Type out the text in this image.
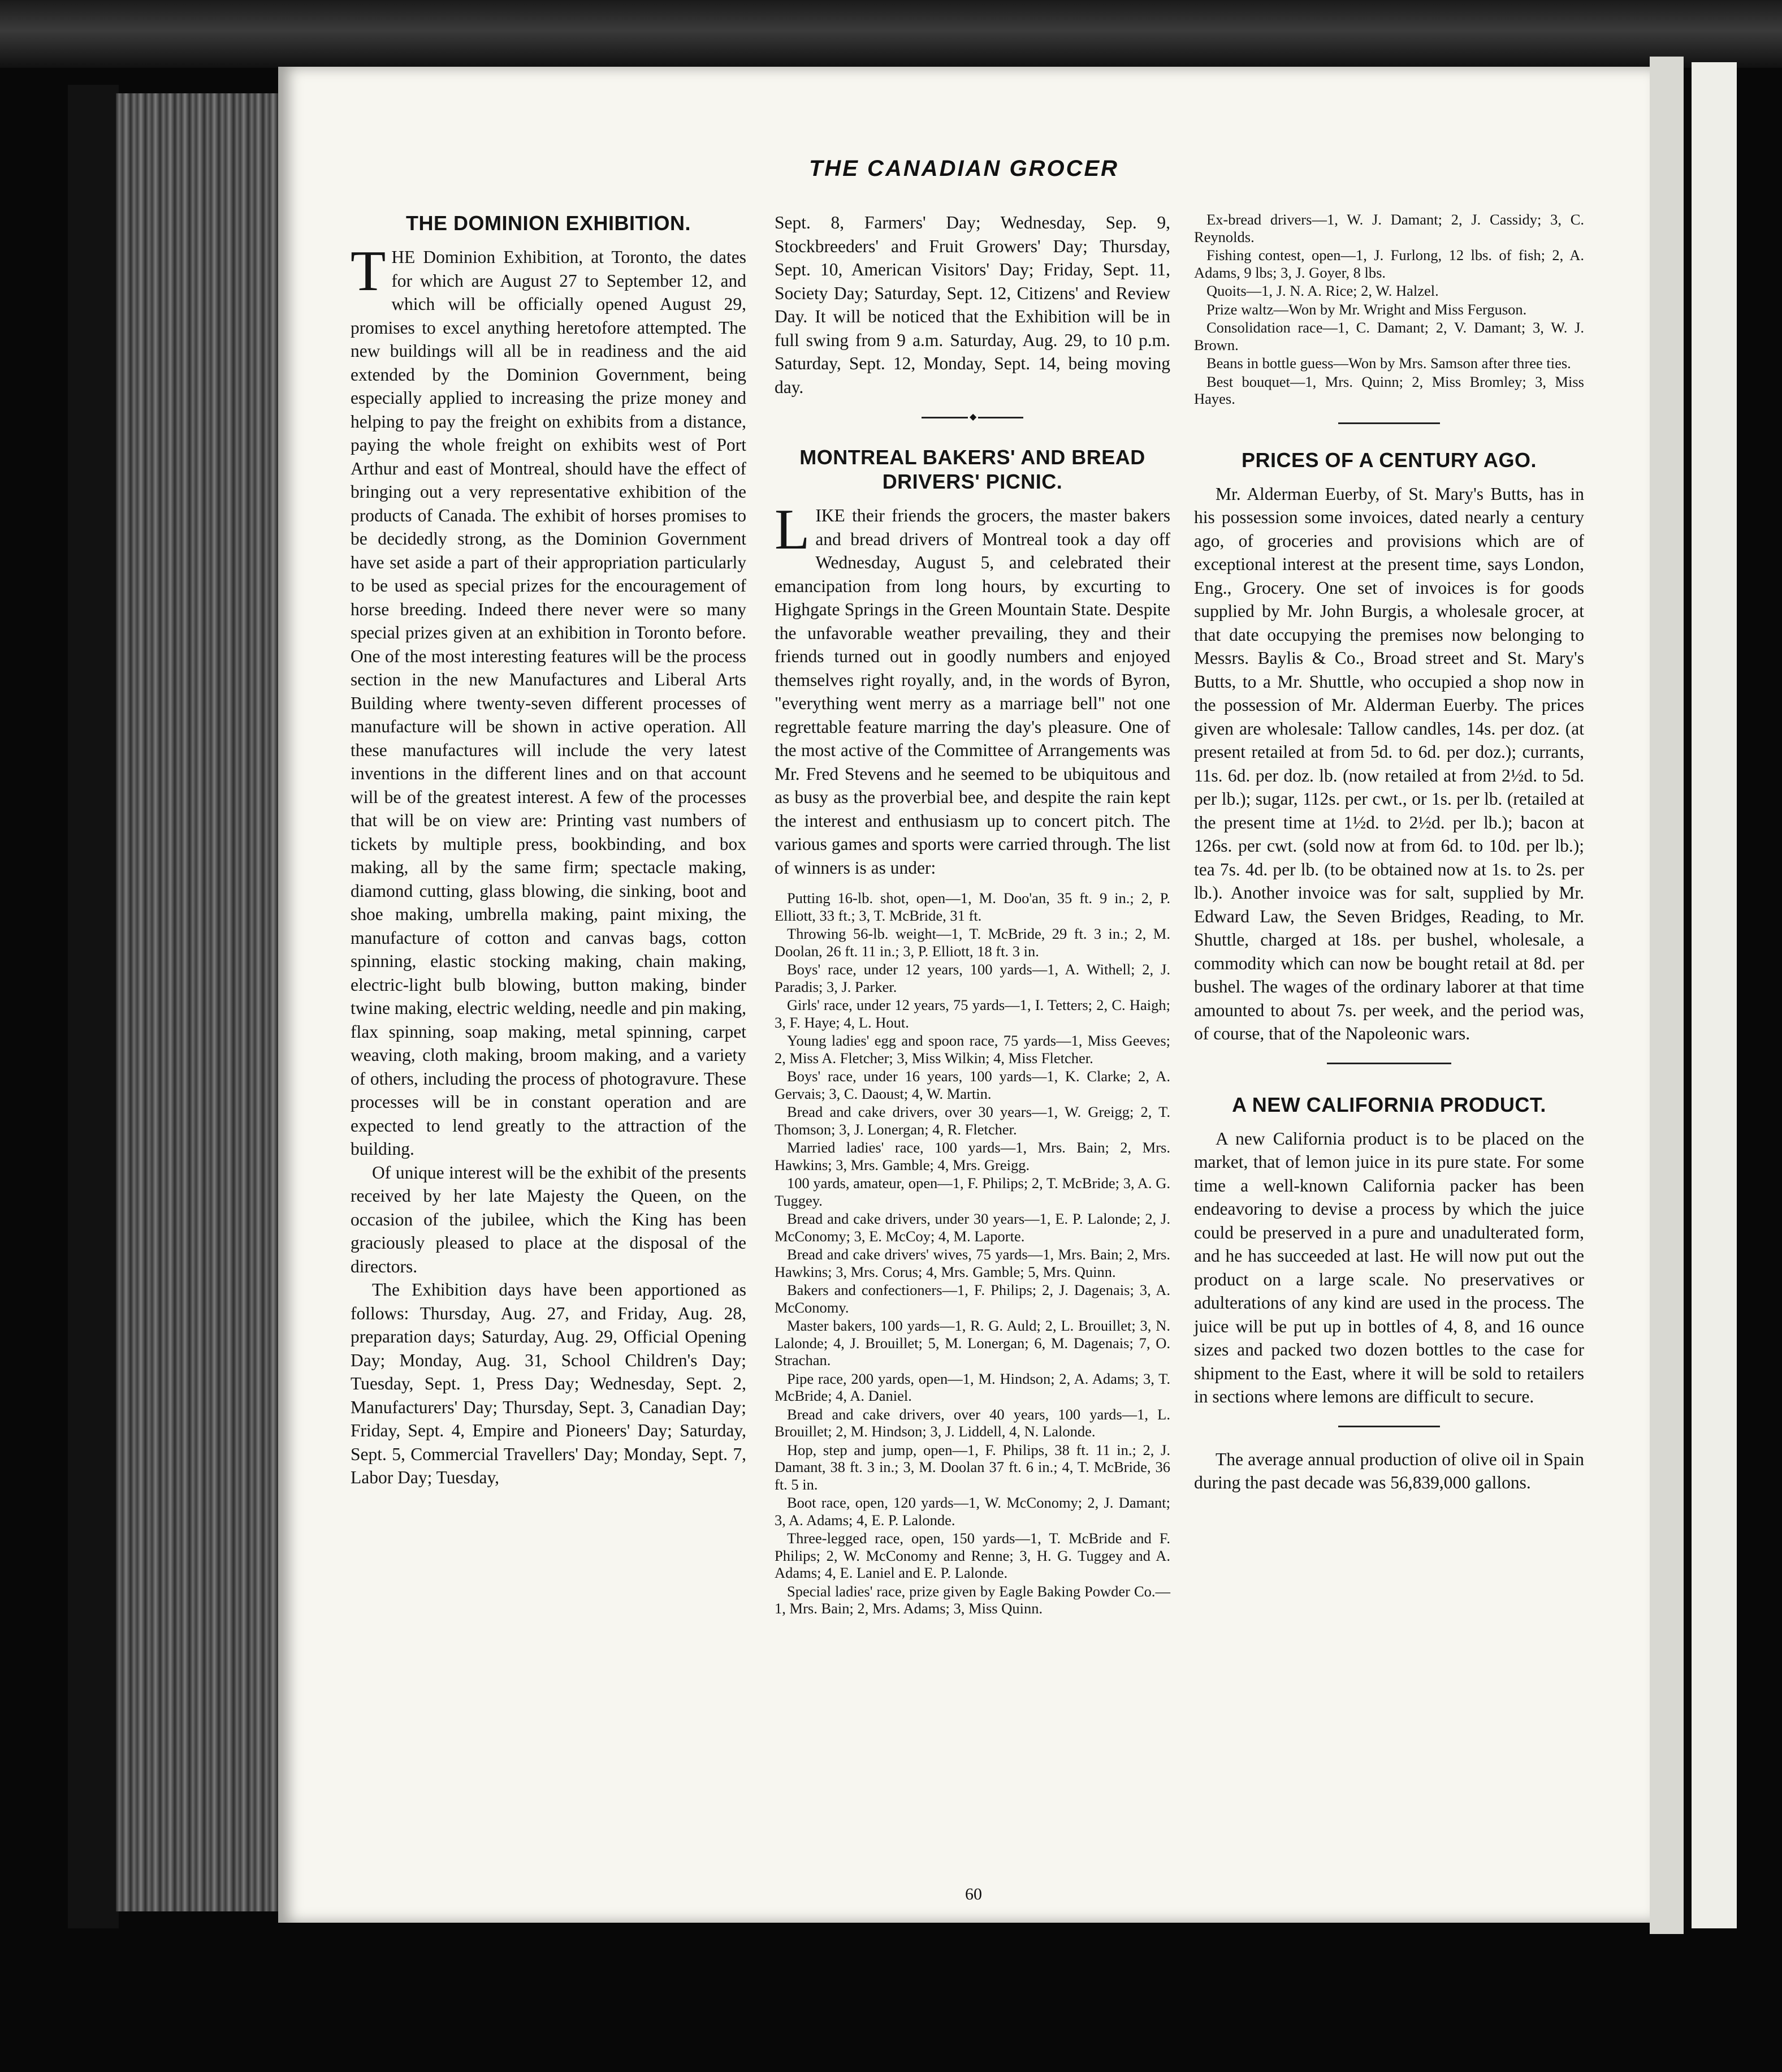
THE CANADIAN GROCER
THE DOMINION EXHIBITION.

THE Dominion Exhibition, at Toronto, the dates for which are August 27 to September 12, and which will be officially opened August 29, promises to excel anything heretofore attempted. The new buildings will all be in readiness and the aid extended by the Dominion Government, being especially applied to increasing the prize money and helping to pay the freight on exhibits from a distance, paying the whole freight on exhibits west of Port Arthur and east of Montreal, should have the effect of bringing out a very representative exhibition of the products of Canada. The exhibit of horses promises to be decidedly strong, as the Dominion Government have set aside a part of their appropriation particularly to be used as special prizes for the encouragement of horse breeding. Indeed there never were so many special prizes given at an exhibition in Toronto before. One of the most interesting features will be the process section in the new Manufactures and Liberal Arts Building where twenty-seven different processes of manufacture will be shown in active operation. All these manufactures will include the very latest inventions in the different lines and on that account will be of the greatest interest. A few of the processes that will be on view are: Printing vast numbers of tickets by multiple press, bookbinding, and box making, all by the same firm; spectacle making, diamond cutting, glass blowing, die sinking, boot and shoe making, umbrella making, paint mixing, the manufacture of cotton and canvas bags, cotton spinning, elastic stocking making, chain making, electric-light bulb blowing, button making, binder twine making, electric welding, needle and pin making, flax spinning, soap making, metal spinning, carpet weaving, cloth making, broom making, and a variety of others, including the process of photogravure. These processes will be in constant operation and are expected to lend greatly to the attraction of the building.

Of unique interest will be the exhibit of the presents received by her late Majesty the Queen, on the occasion of the jubilee, which the King has been graciously pleased to place at the disposal of the directors.

The Exhibition days have been apportioned as follows: Thursday, Aug. 27, and Friday, Aug. 28, preparation days; Saturday, Aug. 29, Official Opening Day; Monday, Aug. 31, School Children's Day; Tuesday, Sept. 1, Press Day; Wednesday, Sept. 2, Manufacturers' Day; Thursday, Sept. 3, Canadian Day; Friday, Sept. 4, Empire and Pioneers' Day; Saturday, Sept. 5, Commercial Travellers' Day; Monday, Sept. 7, Labor Day; Tuesday,

Sept. 8, Farmers' Day; Wednesday, Sep. 9, Stockbreeders' and Fruit Growers' Day; Thursday, Sept. 10, American Visitors' Day; Friday, Sept. 11, Society Day; Saturday, Sept. 12, Citizens' and Review Day. It will be noticed that the Exhibition will be in full swing from 9 a.m. Saturday, Aug. 29, to 10 p.m. Saturday, Sept. 12, Monday, Sept. 14, being moving day.

◆
MONTREAL BAKERS' AND BREAD DRIVERS' PICNIC.

LIKE their friends the grocers, the master bakers and bread drivers of Montreal took a day off Wednesday, August 5, and celebrated their emancipation from long hours, by excurting to Highgate Springs in the Green Mountain State. Despite the unfavorable weather prevailing, they and their friends turned out in goodly numbers and enjoyed themselves right royally, and, in the words of Byron, "everything went merry as a marriage bell" not one regrettable feature marring the day's pleasure. One of the most active of the Committee of Arrangements was Mr. Fred Stevens and he seemed to be ubiquitous and as busy as the proverbial bee, and despite the rain kept the interest and enthusiasm up to concert pitch. The various games and sports were carried through. The list of winners is as under:

Putting 16-lb. shot, open—1, M. Doo'an, 35 ft. 9 in.; 2, P. Elliott, 33 ft.; 3, T. McBride, 31 ft.

Throwing 56-lb. weight—1, T. McBride, 29 ft. 3 in.; 2, M. Doolan, 26 ft. 11 in.; 3, P. Elliott, 18 ft. 3 in.

Boys' race, under 12 years, 100 yards—1, A. Withell; 2, J. Paradis; 3, J. Parker.

Girls' race, under 12 years, 75 yards—1, I. Tetters; 2, C. Haigh; 3, F. Haye; 4, L. Hout.

Young ladies' egg and spoon race, 75 yards—1, Miss Geeves; 2, Miss A. Fletcher; 3, Miss Wilkin; 4, Miss Fletcher.

Boys' race, under 16 years, 100 yards—1, K. Clarke; 2, A. Gervais; 3, C. Daoust; 4, W. Martin.

Bread and cake drivers, over 30 years—1, W. Greigg; 2, T. Thomson; 3, J. Lonergan; 4, R. Fletcher.

Married ladies' race, 100 yards—1, Mrs. Bain; 2, Mrs. Hawkins; 3, Mrs. Gamble; 4, Mrs. Greigg.

100 yards, amateur, open—1, F. Philips; 2, T. McBride; 3, A. G. Tuggey.

Bread and cake drivers, under 30 years—1, E. P. Lalonde; 2, J. McConomy; 3, E. McCoy; 4, M. Laporte.

Bread and cake drivers' wives, 75 yards—1, Mrs. Bain; 2, Mrs. Hawkins; 3, Mrs. Corus; 4, Mrs. Gamble; 5, Mrs. Quinn.

Bakers and confectioners—1, F. Philips; 2, J. Dagenais; 3, A. McConomy.

Master bakers, 100 yards—1, R. G. Auld; 2, L. Brouillet; 3, N. Lalonde; 4, J. Brouillet; 5, M. Lonergan; 6, M. Dagenais; 7, O. Strachan.

Pipe race, 200 yards, open—1, M. Hindson; 2, A. Adams; 3, T. McBride; 4, A. Daniel.

Bread and cake drivers, over 40 years, 100 yards—1, L. Brouillet; 2, M. Hindson; 3, J. Liddell, 4, N. Lalonde.

Hop, step and jump, open—1, F. Philips, 38 ft. 11 in.; 2, J. Damant, 38 ft. 3 in.; 3, M. Doolan 37 ft. 6 in.; 4, T. McBride, 36 ft. 5 in.

Boot race, open, 120 yards—1, W. McConomy; 2, J. Damant; 3, A. Adams; 4, E. P. Lalonde.

Three-legged race, open, 150 yards—1, T. McBride and F. Philips; 2, W. McConomy and Renne; 3, H. G. Tuggey and A. Adams; 4, E. Laniel and E. P. Lalonde.

Special ladies' race, prize given by Eagle Baking Powder Co.—1, Mrs. Bain; 2, Mrs. Adams; 3, Miss Quinn.

Ex-bread drivers—1, W. J. Damant; 2, J. Cassidy; 3, C. Reynolds.

Fishing contest, open—1, J. Furlong, 12 lbs. of fish; 2, A. Adams, 9 lbs; 3, J. Goyer, 8 lbs.

Quoits—1, J. N. A. Rice; 2, W. Halzel.

Prize waltz—Won by Mr. Wright and Miss Ferguson.

Consolidation race—1, C. Damant; 2, V. Damant; 3, W. J. Brown.

Beans in bottle guess—Won by Mrs. Samson after three ties.

Best bouquet—1, Mrs. Quinn; 2, Miss Bromley; 3, Miss Hayes.

PRICES OF A CENTURY AGO.

Mr. Alderman Euerby, of St. Mary's Butts, has in his possession some invoices, dated nearly a century ago, of groceries and provisions which are of exceptional interest at the present time, says London, Eng., Grocery. One set of invoices is for goods supplied by Mr. John Burgis, a wholesale grocer, at that date occupying the premises now belonging to Messrs. Baylis & Co., Broad street and St. Mary's Butts, to a Mr. Shuttle, who occupied a shop now in the possession of Mr. Alderman Euerby. The prices given are wholesale: Tallow candles, 14s. per doz. (at present retailed at from 5d. to 6d. per doz.); currants, 11s. 6d. per doz. lb. (now retailed at from 2½d. to 5d. per lb.); sugar, 112s. per cwt., or 1s. per lb. (retailed at the present time at 1½d. to 2½d. per lb.); bacon at 126s. per cwt. (sold now at from 6d. to 10d. per lb.); tea 7s. 4d. per lb. (to be obtained now at 1s. to 2s. per lb.). Another invoice was for salt, supplied by Mr. Edward Law, the Seven Bridges, Reading, to Mr. Shuttle, charged at 18s. per bushel, wholesale, a commodity which can now be bought retail at 8d. per bushel. The wages of the ordinary laborer at that time amounted to about 7s. per week, and the period was, of course, that of the Napoleonic wars.

A NEW CALIFORNIA PRODUCT.

A new California product is to be placed on the market, that of lemon juice in its pure state. For some time a well-known California packer has been endeavoring to devise a process by which the juice could be preserved in a pure and unadulterated form, and he has succeeded at last. He will now put out the product on a large scale. No preservatives or adulterations of any kind are used in the process. The juice will be put up in bottles of 4, 8, and 16 ounce sizes and packed two dozen bottles to the case for shipment to the East, where it will be sold to retailers in sections where lemons are difficult to secure.

The average annual production of olive oil in Spain during the past decade was 56,839,000 gallons.

60
